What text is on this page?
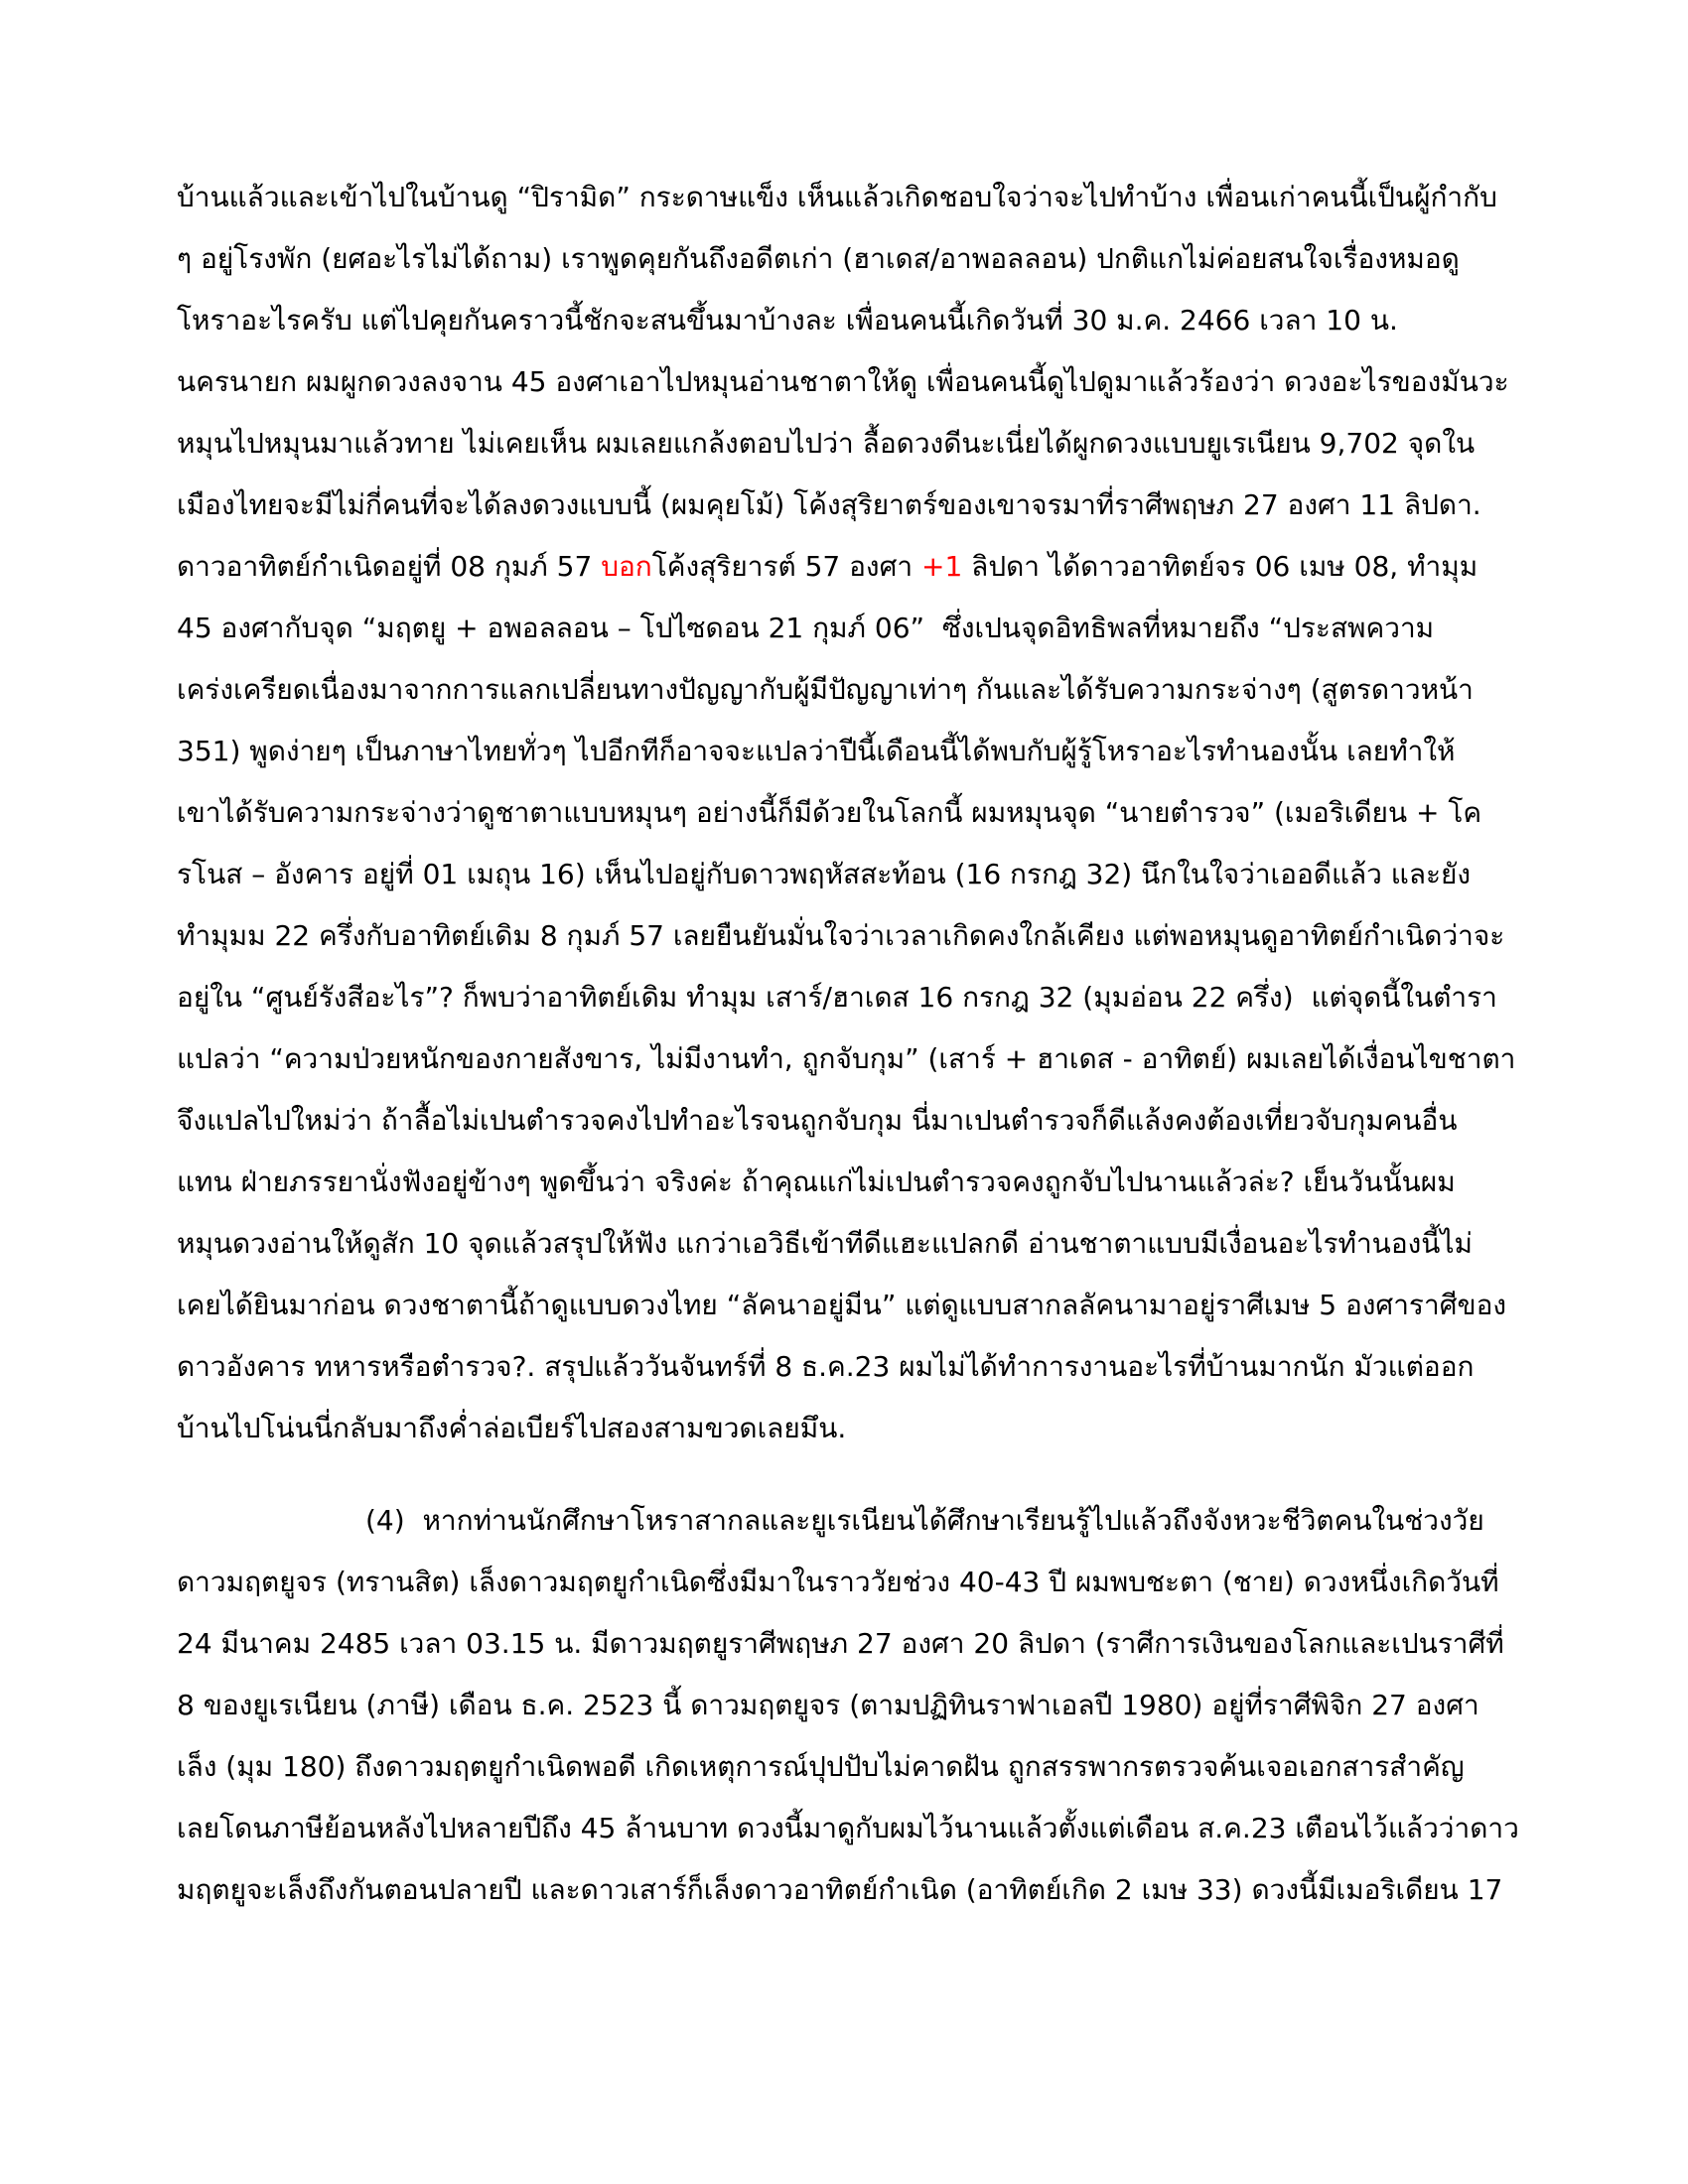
บ้านแล้วและเข้าไปในบ้านดู “ปิรามิด” กระดาษแข็ง เห็นแล้วเกิดชอบใจว่าจะไปทำบ้าง เพื่อนเก่าคนนี้เป็นผู้กำกับ
ๆ อยู่โรงพัก (ยศอะไรไม่ได้ถาม) เราพูดคุยกันถึงอดีตเก่า (ฮาเดส/อาพอลลอน) ปกติแกไม่ค่อยสนใจเรื่องหมอดู
โหราอะไรครับ แต่ไปคุยกันคราวนี้ชักจะสนขึ้นมาบ้างละ เพื่อนคนนี้เกิดวันที่ 30 ม.ค. 2466 เวลา 10 น.
นครนายก ผมผูกดวงลงจาน 45 องศาเอาไปหมุนอ่านชาตาให้ดู เพื่อนคนนี้ดูไปดูมาแล้วร้องว่า ดวงอะไรของมันวะ
หมุนไปหมุนมาแล้วทาย ไม่เคยเห็น ผมเลยแกล้งตอบไปว่า ลื้อดวงดีนะเนี่ยได้ผูกดวงแบบยูเรเนียน 9,702 จุดใน
เมืองไทยจะมีไม่กี่คนที่จะได้ลงดวงแบบนี้ (ผมคุยโม้) โค้งสุริยาตร์ของเขาจรมาที่ราศีพฤษภ 27 องศา 11 ลิปดา.
ดาวอาทิตย์กำเนิดอยู่ที่ 08 กุมภ์ 57 บอกโค้งสุริยารต์ 57 องศา +1 ลิปดา ได้ดาวอาทิตย์จร 06 เมษ 08, ทำมุม
45 องศากับจุด “มฤตยู + อพอลลอน – โปไซดอน 21 กุมภ์ 06”  ซึ่งเปนจุดอิทธิพลที่หมายถึง “ประสพความ
เคร่งเครียดเนื่องมาจากการแลกเปลี่ยนทางปัญญากับผู้มีปัญญาเท่าๆ กันและได้รับความกระจ่างๆ (สูตรดาวหน้า
351) พูดง่ายๆ เป็นภาษาไทยทั่วๆ ไปอีกทีก็อาจจะแปลว่าปีนี้เดือนนี้ได้พบกับผู้รู้โหราอะไรทำนองนั้น เลยทำให้
เขาได้รับความกระจ่างว่าดูชาตาแบบหมุนๆ อย่างนี้ก็มีด้วยในโลกนี้ ผมหมุนจุด “นายตำรวจ” (เมอริเดียน + โค
รโนส – อังคาร อยู่ที่ 01 เมถุน 16) เห็นไปอยู่กับดาวพฤหัสสะท้อน (16 กรกฎ 32) นึกในใจว่าเออดีแล้ว และยัง
ทำมุมม 22 ครึ่งกับอาทิตย์เดิม 8 กุมภ์ 57 เลยยืนยันมั่นใจว่าเวลาเกิดคงใกล้เคียง แต่พอหมุนดูอาทิตย์กำเนิดว่าจะ
อยู่ใน “ศูนย์รังสีอะไร”? ก็พบว่าอาทิตย์เดิม ทำมุม เสาร์/ฮาเดส 16 กรกฎ 32 (มุมอ่อน 22 ครึ่ง)  แต่จุดนี้ในตำรา
แปลว่า “ความป่วยหนักของกายสังขาร, ไม่มีงานทำ, ถูกจับกุม” (เสาร์ + ฮาเดส - อาทิตย์) ผมเลยได้เงื่อนไขชาตา
จึงแปลไปใหม่ว่า ถ้าลื้อไม่เปนตำรวจคงไปทำอะไรจนถูกจับกุม นี่มาเปนตำรวจก็ดีแล้งคงต้องเที่ยวจับกุมคนอื่น
แทน ฝ่ายภรรยานั่งฟังอยู่ข้างๆ พูดขึ้นว่า จริงค่ะ ถ้าคุณแก่ไม่เปนตำรวจคงถูกจับไปนานแล้วล่ะ? เย็นวันนั้นผม
หมุนดวงอ่านให้ดูสัก 10 จุดแล้วสรุปให้ฟัง แกว่าเอวิธีเข้าทีดีแฮะแปลกดี อ่านชาตาแบบมีเงื่อนอะไรทำนองนี้ไม่
เคยได้ยินมาก่อน ดวงชาตานี้ถ้าดูแบบดวงไทย “ลัคนาอยู่มีน” แต่ดูแบบสากลลัคนามาอยู่ราศีเมษ 5 องศาราศีของ
ดาวอังคาร ทหารหรือตำรวจ?. สรุปแล้ววันจันทร์ที่ 8 ธ.ค.23 ผมไม่ได้ทำการงานอะไรที่บ้านมากนัก มัวแต่ออก
บ้านไปโน่นนี่กลับมาถึงค่ำล่อเบียร์ไปสองสามขวดเลยมึน.
(4)  หากท่านนักศึกษาโหราสากลและยูเรเนียนได้ศึกษาเรียนรู้ไปแล้วถึงจังหวะชีวิตคนในช่วงวัย
ดาวมฤตยูจร (ทรานสิต) เล็งดาวมฤตยูกำเนิดซึ่งมีมาในราววัยช่วง 40-43 ปี ผมพบชะตา (ชาย) ดวงหนึ่งเกิดวันที่
24 มีนาคม 2485 เวลา 03.15 น. มีดาวมฤตยูราศีพฤษภ 27 องศา 20 ลิปดา (ราศีการเงินของโลกและเปนราศีที่
8 ของยูเรเนียน (ภาษี) เดือน ธ.ค. 2523 นี้ ดาวมฤตยูจร (ตามปฏิทินราฟาเอลปี 1980) อยู่ที่ราศีพิจิก 27 องศา
เล็ง (มุม 180) ถึงดาวมฤตยูกำเนิดพอดี เกิดเหตุการณ์ปุปปับไม่คาดฝัน ถูกสรรพากรตรวจค้นเจอเอกสารสำคัญ
เลยโดนภาษีย้อนหลังไปหลายปีถึง 45 ล้านบาท ดวงนี้มาดูกับผมไว้นานแล้วตั้งแต่เดือน ส.ค.23 เตือนไว้แล้วว่าดาว
มฤตยูจะเล็งถึงกันตอนปลายปี และดาวเสาร์ก็เล็งดาวอาทิตย์กำเนิด (อาทิตย์เกิด 2 เมษ 33) ดวงนี้มีเมอริเดียน 17
